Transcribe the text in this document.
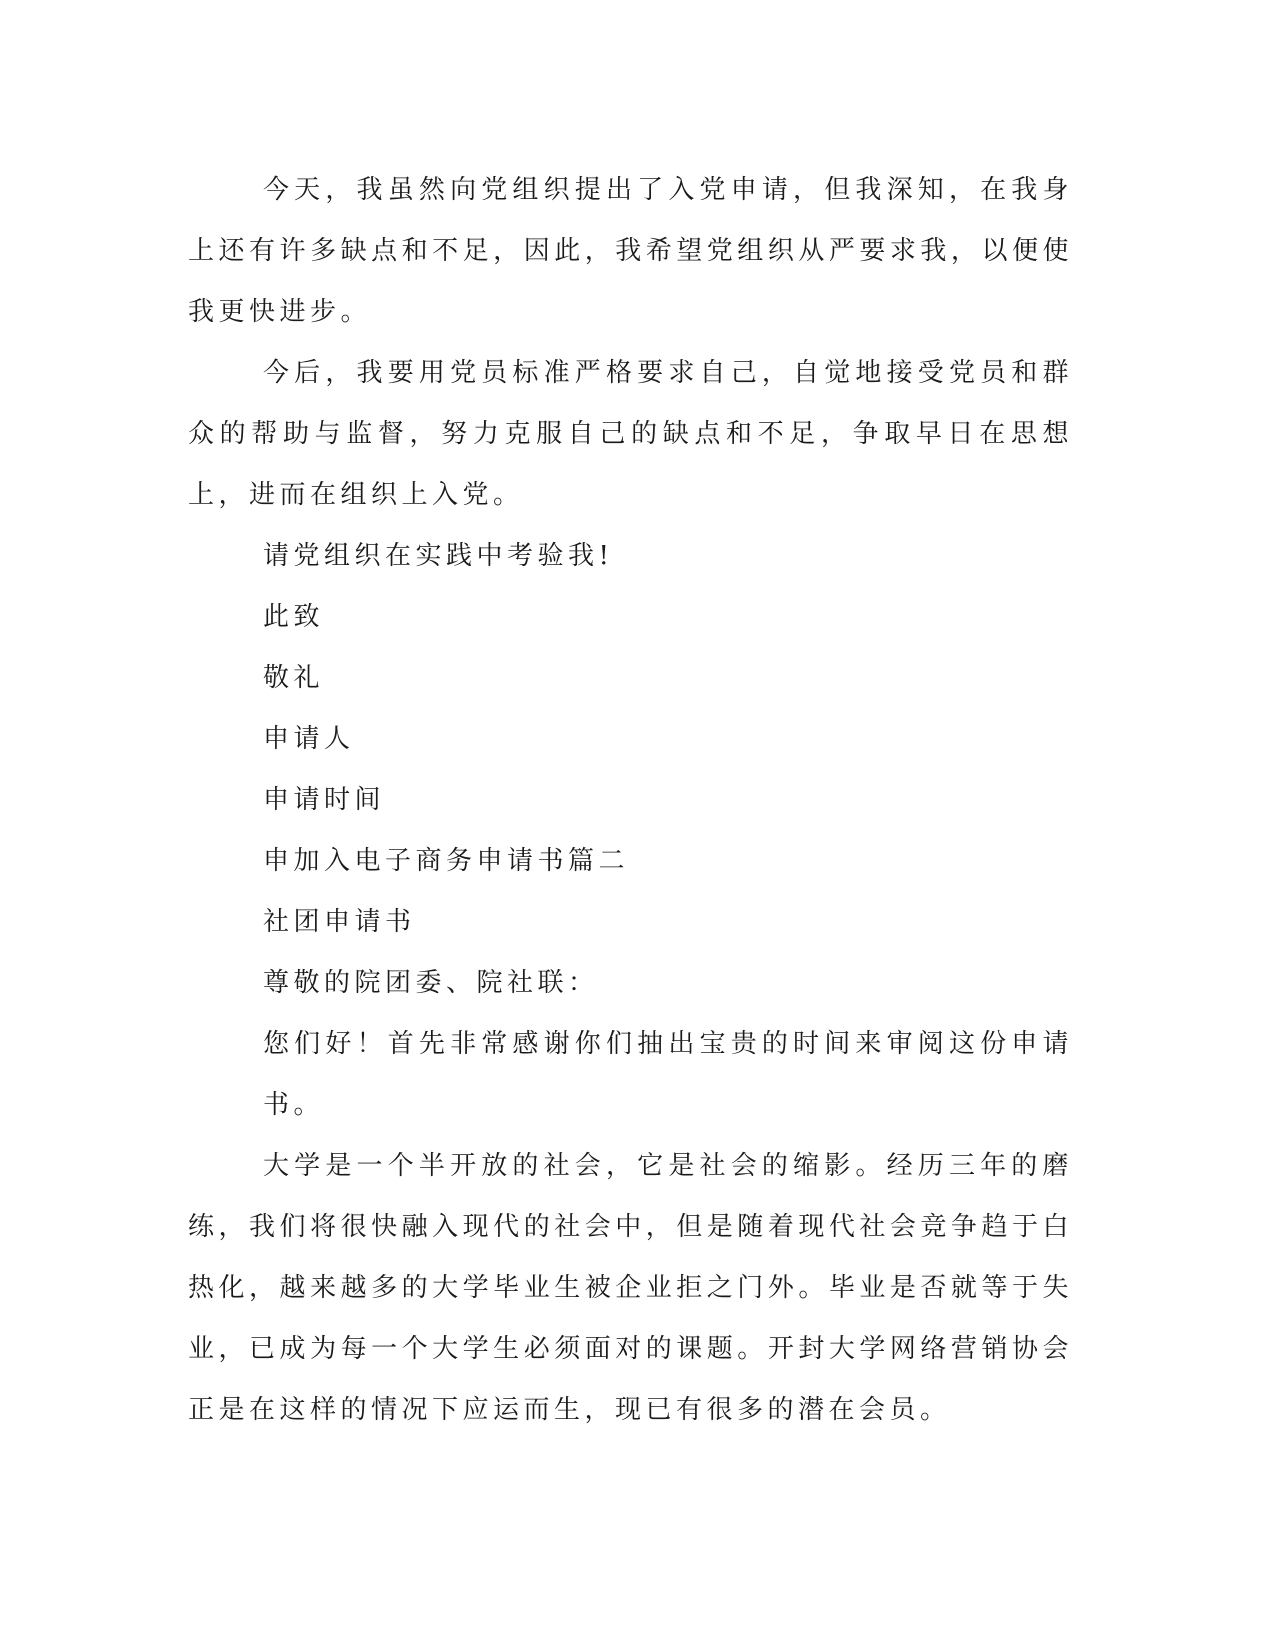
今天，我虽然向党组织提出了入党申请，但我深知，在我身上还有许多缺点和不足，因此，我希望党组织从严要求我，以便使我更快进步。

今后，我要用党员标准严格要求自己，自觉地接受党员和群众的帮助与监督，努力克服自己的缺点和不足，争取早日在思想上，进而在组织上入党。

请党组织在实践中考验我!

此致

敬礼

申请人

申请时间

申加入电子商务申请书篇二

社团申请书

尊敬的院团委、院社联：

您们好！首先非常感谢你们抽出宝贵的时间来审阅这份申请书。

大学是一个半开放的社会，它是社会的缩影。经历三年的磨练，我们将很快融入现代的社会中，但是随着现代社会竞争趋于白热化，越来越多的大学毕业生被企业拒之门外。毕业是否就等于失业，已成为每一个大学生必须面对的课题。开封大学网络营销协会正是在这样的情况下应运而生，现已有很多的潜在会员。
